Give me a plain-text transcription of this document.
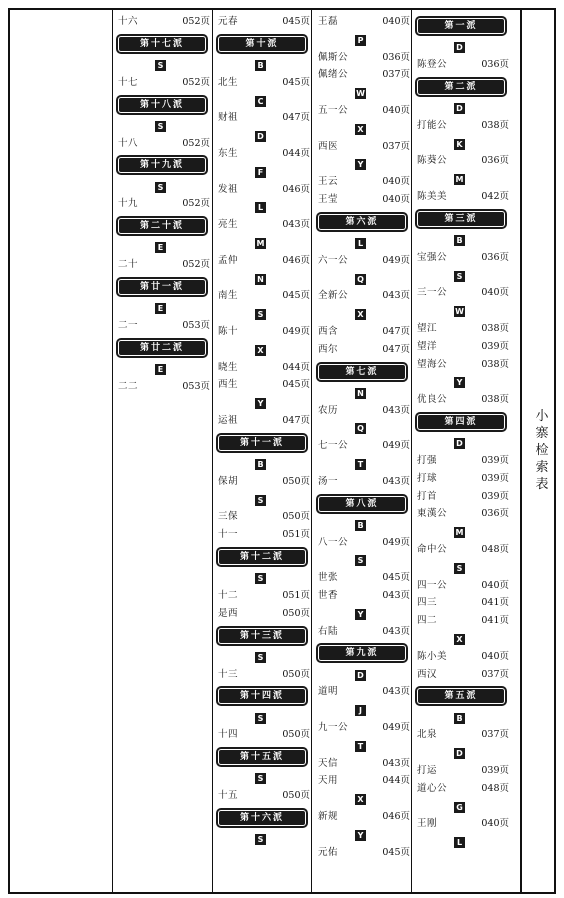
十六	052页
第十七派
S
十七	052页
第十八派
S
十八	052页
第十九派
S
十九	052页
第二十派
E
二十	052页
第廿一派
E
二一	053页
第廿二派
E
二二	053页
元春	045页
第十派
B
北生	045页
C
财祖	047页
D
东生	044页
F
发祖	046页
L
亮生	043页
M
孟仲	046页
N
南生	045页
S
陈十	049页
X
晓生	044页
西生	045页
Y
运祖	047页
第十一派
B
保胡	050页
S
三保	050页
十一	051页
第十二派
S
十二	051页
是西	050页
第十三派
S
十三	050页
第十四派
S
十四	050页
第十五派
S
十五	050页
第十六派
S
王磊	040页
P
佩斯公	036页
佩绪公	037页
W
五一公	040页
X
西医	037页
Y
王云	040页
王莹	040页
第六派
L
六一公	049页
Q
全新公	043页
X
西含	047页
西尔	047页
第七派
N
农历	043页
Q
七一公	049页
T
汤一	043页
第八派
B
八一公	049页
S
世张	045页
世香	043页
Y
右陆	043页
第九派
D
道明	043页
J
九一公	049页
T
天信	043页
天用	044页
X
新规	046页
Y
元佑	045页
第一派
D
陈登公	036页
第二派
D
打能公	038页
K
陈葵公	036页
M
陈美美	042页
第三派
B
宝强公	036页
S
三一公	040页
W
望江	038页
望洋	039页
望海公	038页
Y
优良公	038页
第四派
D
打强	039页
打球	039页
打首	039页
東漢公	036页
M
命中公	048页
S
四一公	040页
四三	041页
四二	041页
X
陈小美	040页
西汉	037页
第五派
B
北泉	037页
D
打运	039页
道心公	048页
G
王刚	040页
L
小寨检索表
